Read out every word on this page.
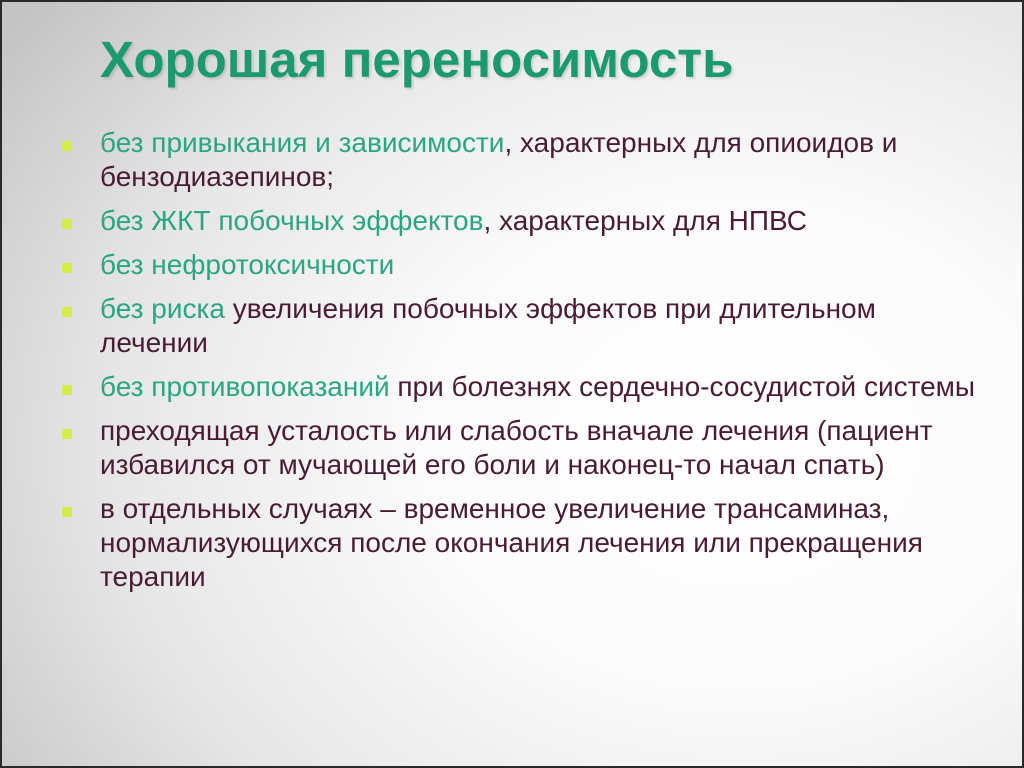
Хорошая переносимость
без привыкания и зависимости, характерных для опиоидов и бензодиазепинов;
без ЖКТ побочных эффектов, характерных для НПВС
без нефротоксичности
без риска увеличения побочных эффектов при длительном лечении
без противопоказаний при болезнях сердечно-сосудистой системы
преходящая усталость или слабость вначале лечения (пациент избавился от мучающей его боли и наконец-то начал спать)
в отдельных случаях – временное увеличение трансаминаз, нормализующихся после окончания лечения или прекращения терапии
